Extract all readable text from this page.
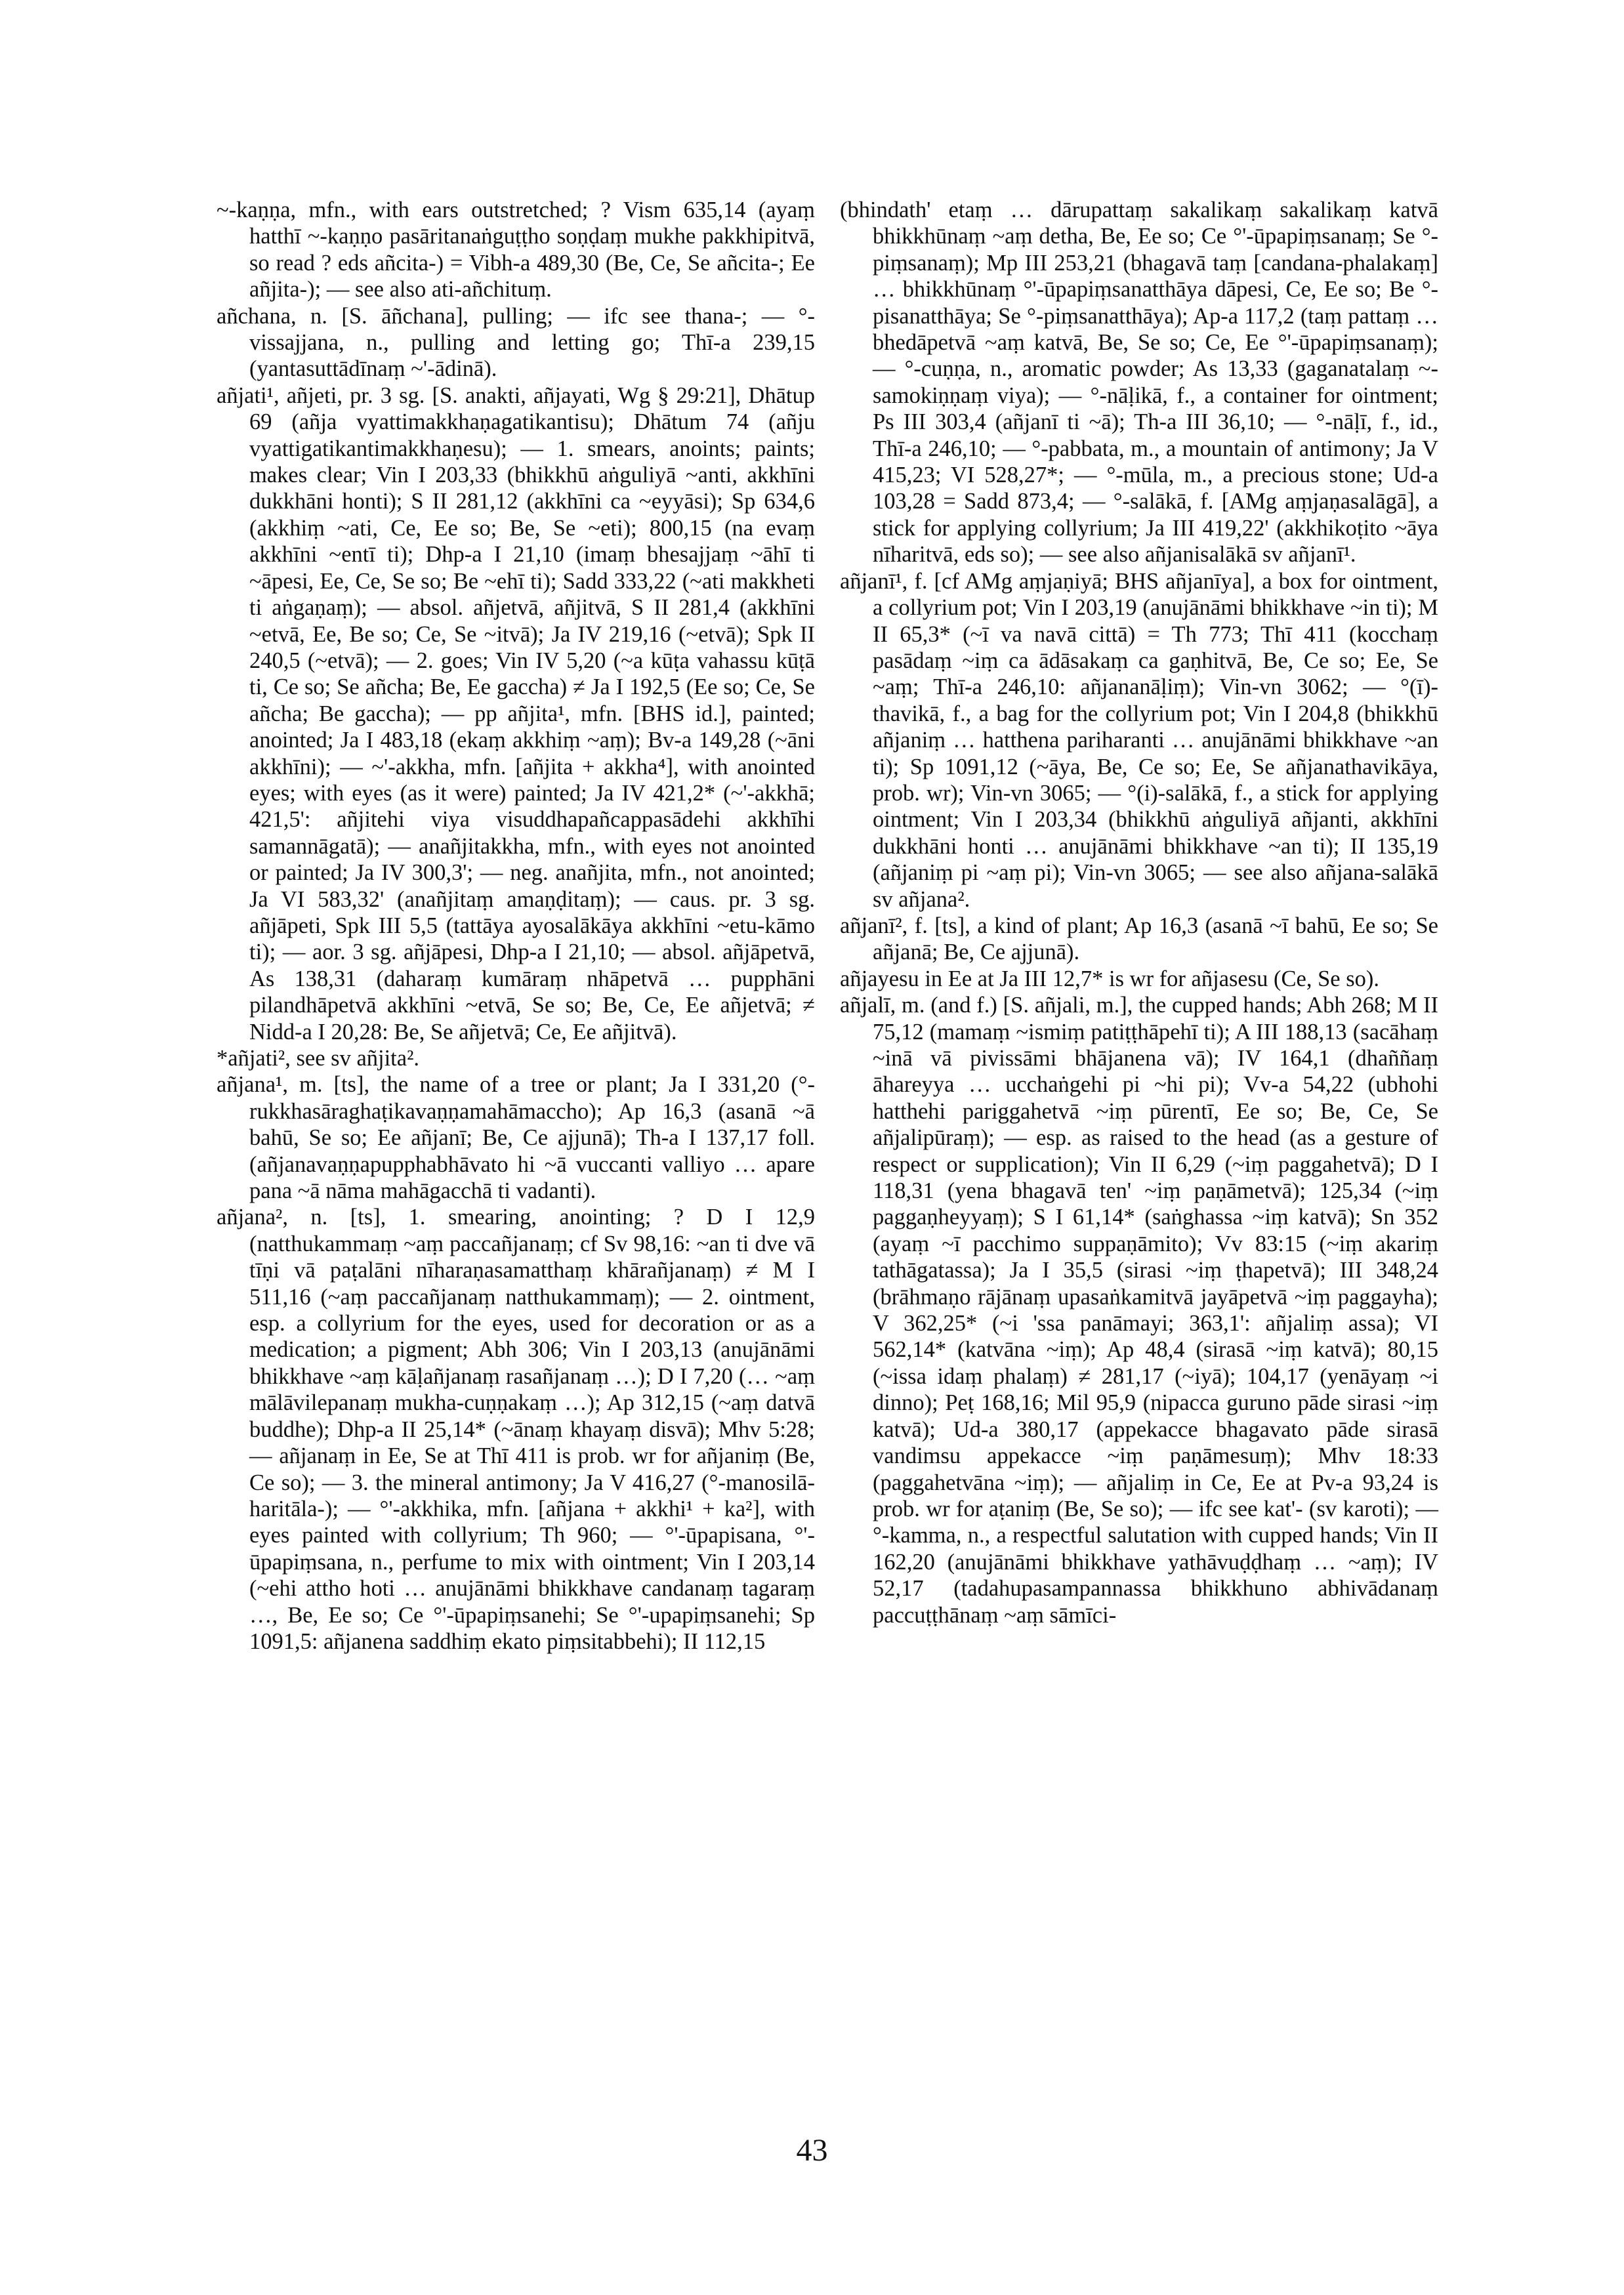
~-kaṇṇa, mfn., with ears outstretched; ? Vism 635,14 (ayaṃ hatthī ~-kaṇṇo pasāritanaṅguṭṭho soṇḍaṃ mukhe pakkhipitvā, so read ? eds añcita-) = Vibh-a 489,30 (Be, Ce, Se añcita-; Ee añjita-); — see also ati-añchituṃ.

añchana, n. [S. āñchana], pulling; — ifc see thana-; — °-vissajjana, n., pulling and letting go; Thī-a 239,15 (yantasuttādīnaṃ ~'-ādinā).

añjati¹, añjeti, pr. 3 sg. [S. anakti, añjayati, Wg § 29:21], Dhātup 69 (añja vyattimakkhaṇagatikantisu); Dhātum 74 (añju vyattigatikantimakkhaṇesu); — 1. smears, anoints; paints; makes clear; Vin I 203,33 (bhikkhū aṅguliyā ~anti, akkhīni dukkhāni honti); S II 281,12 (akkhīni ca ~eyyāsi); Sp 634,6 (akkhiṃ ~ati, Ce, Ee so; Be, Se ~eti); 800,15 (na evaṃ akkhīni ~entī ti); Dhp-a I 21,10 (imaṃ bhesajjaṃ ~āhī ti ~āpesi, Ee, Ce, Se so; Be ~ehī ti); Sadd 333,22 (~ati makkheti ti aṅgaṇaṃ); — absol. añjetvā, añjitvā, S II 281,4 (akkhīni ~etvā, Ee, Be so; Ce, Se ~itvā); Ja IV 219,16 (~etvā); Spk II 240,5 (~etvā); — 2. goes; Vin IV 5,20 (~a kūṭa vahassu kūṭā ti, Ce so; Se añcha; Be, Ee gaccha) ≠ Ja I 192,5 (Ee so; Ce, Se añcha; Be gaccha); — pp añjita¹, mfn. [BHS id.], painted; anointed; Ja I 483,18 (ekaṃ akkhiṃ ~aṃ); Bv-a 149,28 (~āni akkhīni); — ~'-akkha, mfn. [añjita + akkha⁴], with anointed eyes; with eyes (as it were) painted; Ja IV 421,2* (~'-akkhā; 421,5': añjitehi viya visuddhapañcappasādehi akkhīhi samannāgatā); — anañjitakkha, mfn., with eyes not anointed or painted; Ja IV 300,3'; — neg. anañjita, mfn., not anointed; Ja VI 583,32' (anañjitaṃ amaṇḍitaṃ); — caus. pr. 3 sg. añjāpeti, Spk III 5,5 (tattāya ayosalākāya akkhīni ~etu-kāmo ti); — aor. 3 sg. añjāpesi, Dhp-a I 21,10; — absol. añjāpetvā, As 138,31 (daharaṃ kumāraṃ nhāpetvā … pupphāni pilandhāpetvā akkhīni ~etvā, Se so; Be, Ce, Ee añjetvā; ≠ Nidd-a I 20,28: Be, Se añjetvā; Ce, Ee añjitvā).

*añjati², see sv añjita².

añjana¹, m. [ts], the name of a tree or plant; Ja I 331,20 (°-rukkhasāraghaṭikavaṇṇamahāmaccho); Ap 16,3 (asanā ~ā bahū, Se so; Ee añjanī; Be, Ce ajjunā); Th-a I 137,17 foll. (añjanavaṇṇapupphabhāvato hi ~ā vuccanti valliyo … apare pana ~ā nāma mahāgacchā ti vadanti).

añjana², n. [ts], 1. smearing, anointing; ? D I 12,9 (natthukammaṃ ~aṃ paccañjanaṃ; cf Sv 98,16: ~an ti dve vā tīṇi vā paṭalāni nīharaṇasamatthaṃ khārañjanaṃ) ≠ M I 511,16 (~aṃ paccañjanaṃ natthukammaṃ); — 2. ointment, esp. a collyrium for the eyes, used for decoration or as a medication; a pigment; Abh 306; Vin I 203,13 (anujānāmi bhikkhave ~aṃ kāḷañjanaṃ rasañjanaṃ …); D I 7,20 (… ~aṃ mālāvilepanaṃ mukha-cuṇṇakaṃ …); Ap 312,15 (~aṃ datvā buddhe); Dhp-a II 25,14* (~ānaṃ khayaṃ disvā); Mhv 5:28; — añjanaṃ in Ee, Se at Thī 411 is prob. wr for añjaniṃ (Be, Ce so); — 3. the mineral antimony; Ja V 416,27 (°-manosilā-haritāla-); — °'-akkhika, mfn. [añjana + akkhi¹ + ka²], with eyes painted with collyrium; Th 960; — °'-ūpapisana, °'-ūpapiṃsana, n., perfume to mix with ointment; Vin I 203,14 (~ehi attho hoti … anujānāmi bhikkhave candanaṃ tagaraṃ …, Be, Ee so; Ce °'-ūpapiṃsanehi; Se °'-upapiṃsanehi; Sp 1091,5: añjanena saddhiṃ ekato piṃsitabbehi); II 112,15

(bhindath' etaṃ … dārupattaṃ sakalikaṃ sakalikaṃ katvā bhikkhūnaṃ ~aṃ detha, Be, Ee so; Ce °'-ūpapiṃsanaṃ; Se °-piṃsanaṃ); Mp III 253,21 (bhagavā taṃ [candana-phalakaṃ] … bhikkhūnaṃ °'-ūpapiṃsanatthāya dāpesi, Ce, Ee so; Be °-pisanatthāya; Se °-piṃsanatthāya); Ap-a 117,2 (taṃ pattaṃ … bhedāpetvā ~aṃ katvā, Be, Se so; Ce, Ee °'-ūpapiṃsanaṃ); — °-cuṇṇa, n., aromatic powder; As 13,33 (gaganatalaṃ ~-samokiṇṇaṃ viya); — °-nāḷikā, f., a container for ointment; Ps III 303,4 (añjanī ti ~ā); Th-a III 36,10; — °-nāḷī, f., id., Thī-a 246,10; — °-pabbata, m., a mountain of antimony; Ja V 415,23; VI 528,27*; — °-mūla, m., a precious stone; Ud-a 103,28 = Sadd 873,4; — °-salākā, f. [AMg aṃjaṇasalāgā], a stick for applying collyrium; Ja III 419,22' (akkhikoṭito ~āya nīharitvā, eds so); — see also añjanisalākā sv añjanī¹.

añjanī¹, f. [cf AMg aṃjaṇiyā; BHS añjanīya], a box for ointment, a collyrium pot; Vin I 203,19 (anujānāmi bhikkhave ~in ti); M II 65,3* (~ī va navā cittā) = Th 773; Thī 411 (kocchaṃ pasādaṃ ~iṃ ca ādāsakaṃ ca gaṇhitvā, Be, Ce so; Ee, Se ~aṃ; Thī-a 246,10: añjananāḷiṃ); Vin-vn 3062; — °(ī)-thavikā, f., a bag for the collyrium pot; Vin I 204,8 (bhikkhū añjaniṃ … hatthena pariharanti … anujānāmi bhikkhave ~an ti); Sp 1091,12 (~āya, Be, Ce so; Ee, Se añjanathavikāya, prob. wr); Vin-vn 3065; — °(i)-salākā, f., a stick for applying ointment; Vin I 203,34 (bhikkhū aṅguliyā añjanti, akkhīni dukkhāni honti … anujānāmi bhikkhave ~an ti); II 135,19 (añjaniṃ pi ~aṃ pi); Vin-vn 3065; — see also añjana-salākā sv añjana².

añjanī², f. [ts], a kind of plant; Ap 16,3 (asanā ~ī bahū, Ee so; Se añjanā; Be, Ce ajjunā).

añjayesu in Ee at Ja III 12,7* is wr for añjasesu (Ce, Se so).

añjalī, m. (and f.) [S. añjali, m.], the cupped hands; Abh 268; M II 75,12 (mamaṃ ~ismiṃ patiṭṭhāpehī ti); A III 188,13 (sacāhaṃ ~inā vā pivissāmi bhājanena vā); IV 164,1 (dhaññaṃ āhareyya … ucchaṅgehi pi ~hi pi); Vv-a 54,22 (ubhohi hatthehi pariggahetvā ~iṃ pūrentī, Ee so; Be, Ce, Se añjalipūraṃ); — esp. as raised to the head (as a gesture of respect or supplication); Vin II 6,29 (~iṃ paggahetvā); D I 118,31 (yena bhagavā ten' ~iṃ paṇāmetvā); 125,34 (~iṃ paggaṇheyyaṃ); S I 61,14* (saṅghassa ~iṃ katvā); Sn 352 (ayaṃ ~ī pacchimo suppaṇāmito); Vv 83:15 (~iṃ akariṃ tathāgatassa); Ja I 35,5 (sirasi ~iṃ ṭhapetvā); III 348,24 (brāhmaṇo rājānaṃ upasaṅkamitvā jayāpetvā ~iṃ paggayha); V 362,25* (~i 'ssa panāmayi; 363,1': añjaliṃ assa); VI 562,14* (katvāna ~iṃ); Ap 48,4 (sirasā ~iṃ katvā); 80,15 (~issa idaṃ phalaṃ) ≠ 281,17 (~iyā); 104,17 (yenāyaṃ ~i dinno); Peṭ 168,16; Mil 95,9 (nipacca guruno pāde sirasi ~iṃ katvā); Ud-a 380,17 (appekacce bhagavato pāde sirasā vandimsu appekacce ~iṃ paṇāmesuṃ); Mhv 18:33 (paggahetvāna ~iṃ); — añjaliṃ in Ce, Ee at Pv-a 93,24 is prob. wr for aṭaniṃ (Be, Se so); — ifc see kat'- (sv karoti); — °-kamma, n., a respectful salutation with cupped hands; Vin II 162,20 (anujānāmi bhikkhave yathāvuḍḍhaṃ … ~aṃ); IV 52,17 (tadahupasampannassa bhikkhuno abhivādanaṃ paccuṭṭhānaṃ ~aṃ sāmīci-

43
